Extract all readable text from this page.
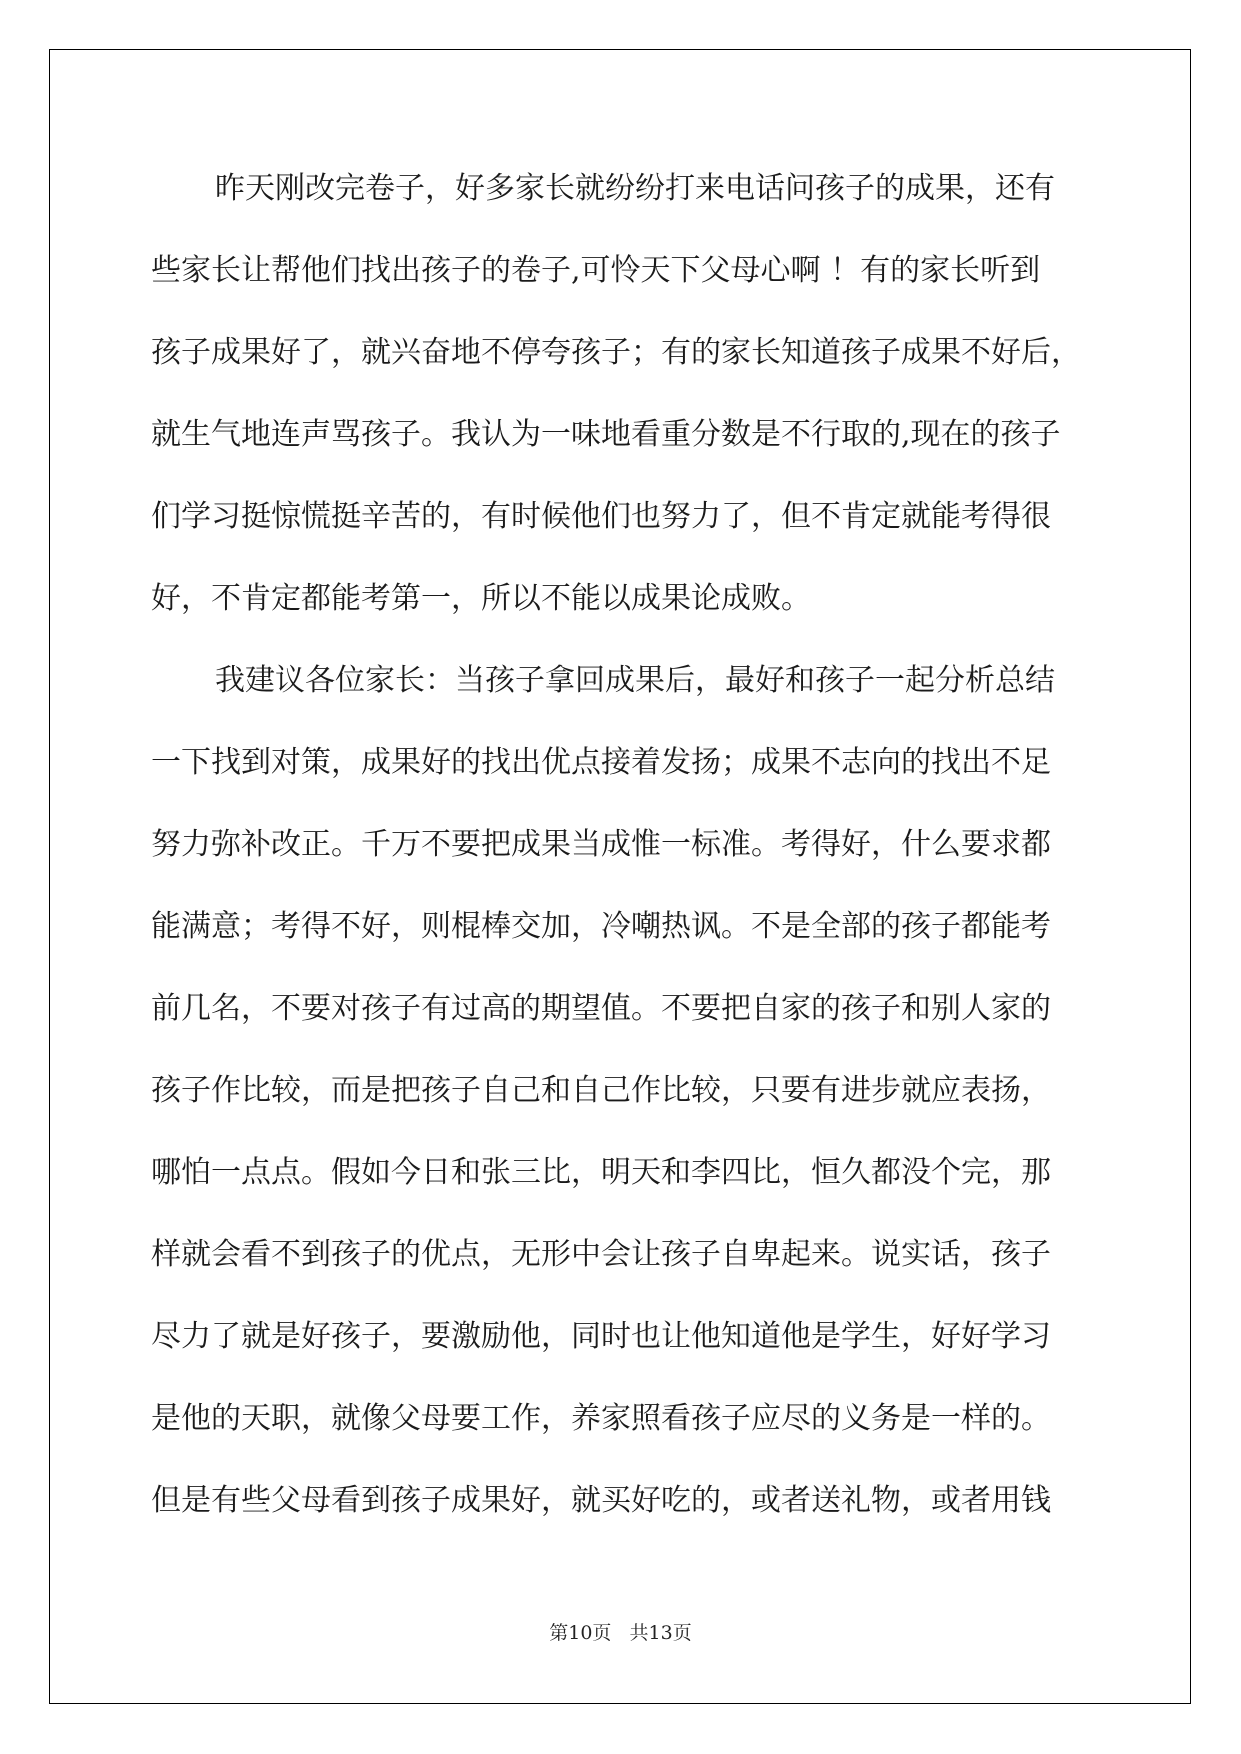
昨天刚改完卷子，好多家长就纷纷打来电话问孩子的成果，还有
些家长让帮他们找出孩子的卷子,可怜天下父母心啊 ！有的家长听到
孩子成果好了，就兴奋地不停夸孩子；有的家长知道孩子成果不好后，
就生气地连声骂孩子。我认为一味地看重分数是不行取的,现在的孩子
们学习挺惊慌挺辛苦的，有时候他们也努力了，但不肯定就能考得很
好，不肯定都能考第一，所以不能以成果论成败。
我建议各位家长：当孩子拿回成果后，最好和孩子一起分析总结
一下找到对策，成果好的找出优点接着发扬；成果不志向的找出不足
努力弥补改正。千万不要把成果当成惟一标准。考得好，什么要求都
能满意；考得不好，则棍棒交加，冷嘲热讽。不是全部的孩子都能考
前几名，不要对孩子有过高的期望值。不要把自家的孩子和别人家的
孩子作比较，而是把孩子自己和自己作比较，只要有进步就应表扬，
哪怕一点点。假如今日和张三比，明天和李四比，恒久都没个完，那
样就会看不到孩子的优点，无形中会让孩子自卑起来。说实话，孩子
尽力了就是好孩子，要激励他，同时也让他知道他是学生，好好学习
是他的天职，就像父母要工作，养家照看孩子应尽的义务是一样的。
但是有些父母看到孩子成果好，就买好吃的，或者送礼物，或者用钱
第10页   共13页
